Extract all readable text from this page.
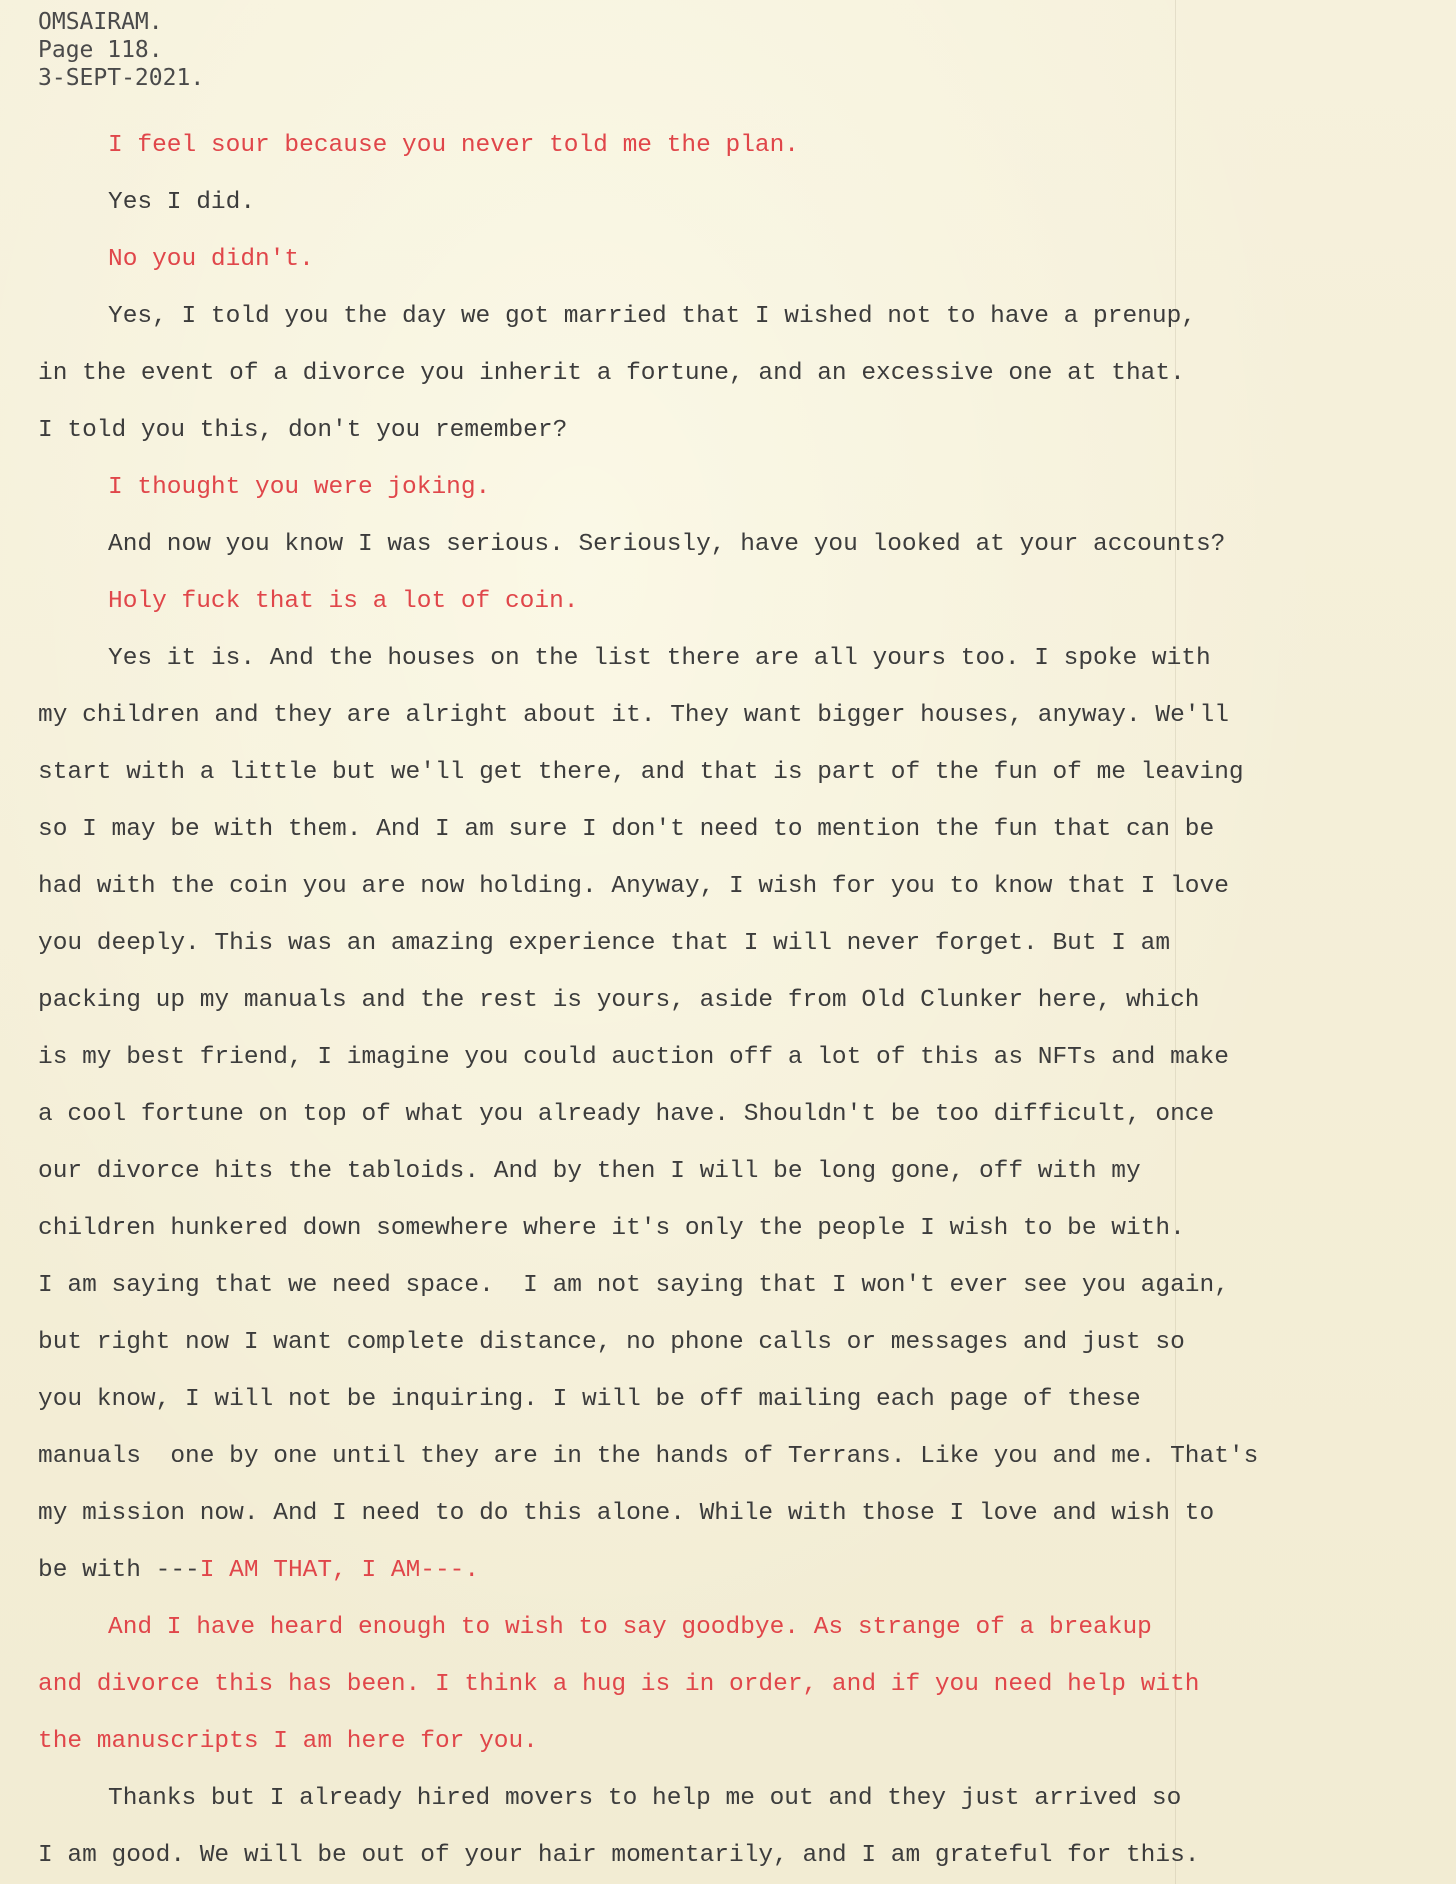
OMSAIRAM.
Page 118.
3-SEPT-2021.
I feel sour because you never told me the plan.
Yes I did.
No you didn't.
Yes, I told you the day we got married that I wished not to have a prenup,
in the event of a divorce you inherit a fortune, and an excessive one at that.
I told you this, don't you remember?
I thought you were joking.
And now you know I was serious. Seriously, have you looked at your accounts?
Holy fuck that is a lot of coin.
Yes it is. And the houses on the list there are all yours too. I spoke with
my children and they are alright about it. They want bigger houses, anyway. We'll
start with a little but we'll get there, and that is part of the fun of me leaving
so I may be with them. And I am sure I don't need to mention the fun that can be
had with the coin you are now holding. Anyway, I wish for you to know that I love
you deeply. This was an amazing experience that I will never forget. But I am
packing up my manuals and the rest is yours, aside from Old Clunker here, which
is my best friend, I imagine you could auction off a lot of this as NFTs and make
a cool fortune on top of what you already have. Shouldn't be too difficult, once
our divorce hits the tabloids. And by then I will be long gone, off with my
children hunkered down somewhere where it's only the people I wish to be with.
I am saying that we need space.  I am not saying that I won't ever see you again,
but right now I want complete distance, no phone calls or messages and just so
you know, I will not be inquiring. I will be off mailing each page of these
manuals  one by one until they are in the hands of Terrans. Like you and me. That's
my mission now. And I need to do this alone. While with those I love and wish to
be with ---I AM THAT, I AM---.
And I have heard enough to wish to say goodbye. As strange of a breakup
and divorce this has been. I think a hug is in order, and if you need help with
the manuscripts I am here for you.
Thanks but I already hired movers to help me out and they just arrived so
I am good. We will be out of your hair momentarily, and I am grateful for this.
